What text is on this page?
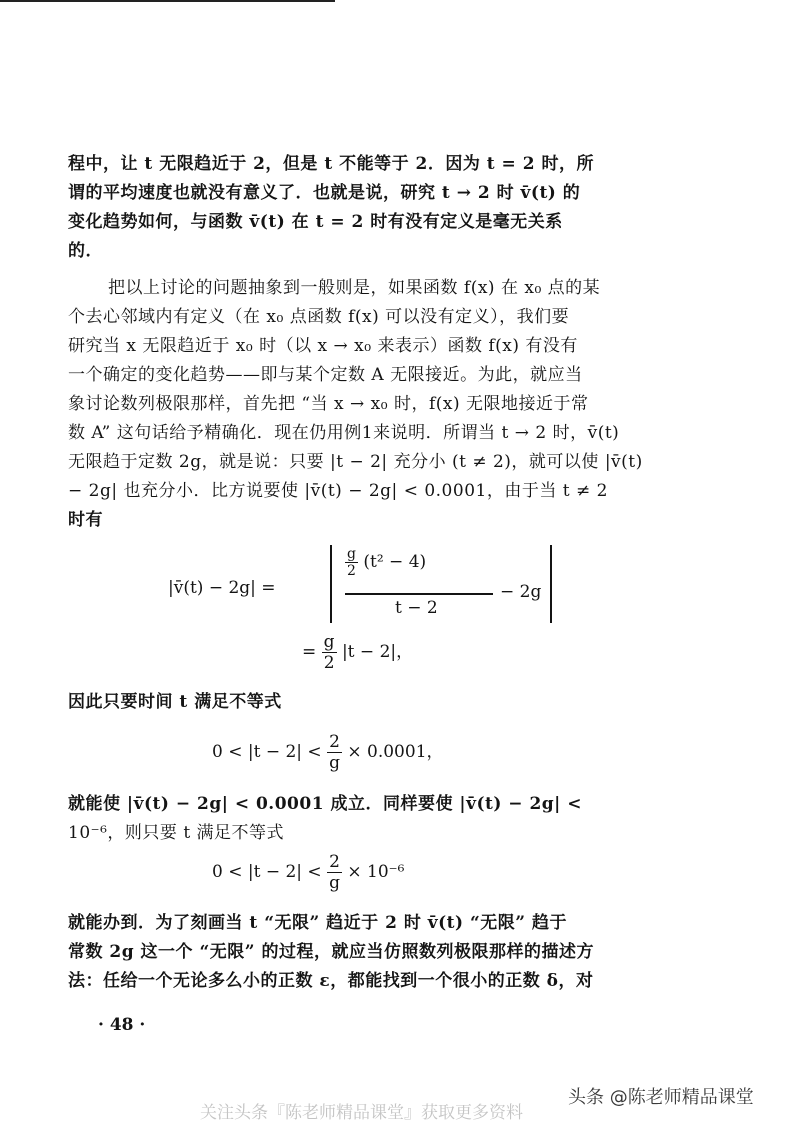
程中，让 t 无限趋近于 2，但是 t 不能等于 2．因为 t = 2 时，所
谓的平均速度也就没有意义了．也就是说，研究 t → 2 时 v̄(t) 的
变化趋势如何，与函数 v̄(t) 在 t = 2 时有没有定义是毫无关系
的．
把以上讨论的问题抽象到一般则是，如果函数 f(x) 在 x₀ 点的某
个去心邻域内有定义（在 x₀ 点函数 f(x) 可以没有定义），我们要
研究当 x 无限趋近于 x₀ 时（以 x → x₀ 来表示）函数 f(x) 有没有
一个确定的变化趋势——即与某个定数 A 无限接近。为此，就应当
象讨论数列极限那样，首先把 “当 x → x₀ 时，f(x) 无限地接近于常
数 A” 这句话给予精确化．现在仍用例1来说明．所谓当 t → 2 时，v̄(t)
无限趋于定数 2g，就是说：只要 |t − 2| 充分小 (t ≠ 2)，就可以使 |v̄(t)
− 2g| 也充分小．比方说要使 |v̄(t) − 2g| < 0.0001，由于当 t ≠ 2
时有
|v̄(t) − 2g| =
$\frac{g}{2} (t^2 - 4)$
t − 2
− 2g
= $\frac{g}{2} |t - 2|$，
因此只要时间 t 满足不等式
$0 < |t - 2| < \frac{2}{g} \times 0.0001$，
就能使 |v̄(t) − 2g| < 0.0001 成立．同样要使 |v̄(t) − 2g| <
10⁻⁶，则只要 t 满足不等式
$0 < |t - 2| < \frac{2}{g} \times 10^{-6}$
就能办到．为了刻画当 t “无限” 趋近于 2 时 v̄(t) “无限” 趋于
常数 2g 这一个 “无限” 的过程，就应当仿照数列极限那样的描述方
法：任给一个无论多么小的正数 ε，都能找到一个很小的正数 δ，对
· 48 ·
关注头条『陈老师精品课堂』获取更多资料
头条 @陈老师精品课堂
